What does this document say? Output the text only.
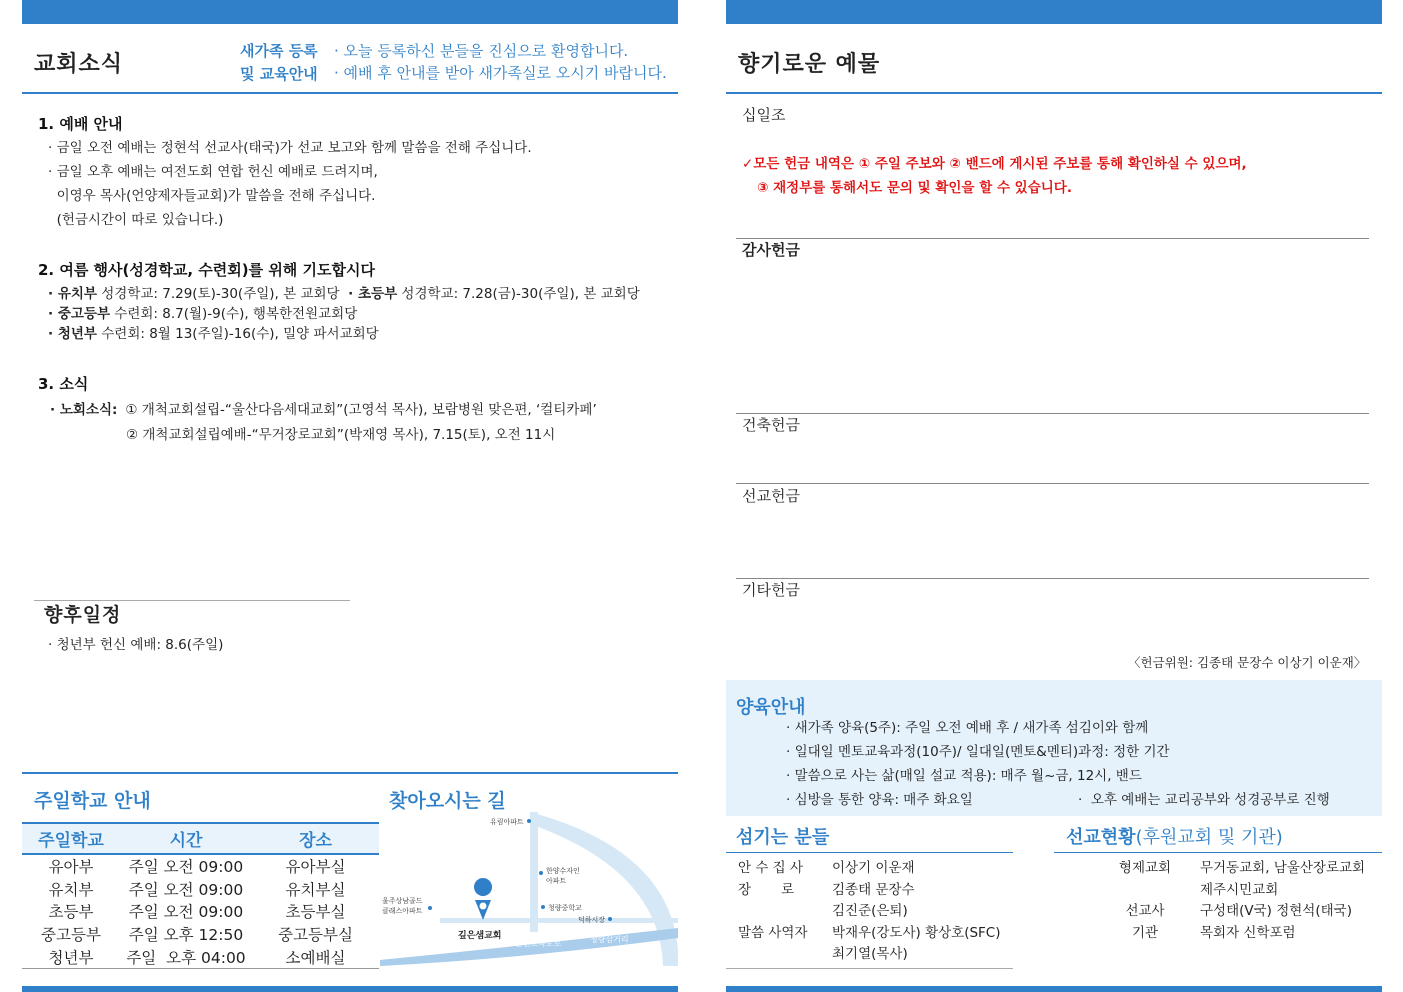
교회소식
새가족 등록
및 교육안내
· 오늘 등록하신 분들을 진심으로 환영합니다.
· 예배 후 안내를 받아 새가족실로 오시기 바랍니다.
1. 예배 안내
· 금일 오전 예배는 정현석 선교사(태국)가 선교 보고와 함께 말씀을 전해 주십니다.
· 금일 오후 예배는 여전도회 연합 헌신 예배로 드려지며,
이영우 목사(언양제자들교회)가 말씀을 전해 주십니다.
(헌금시간이 따로 있습니다.)
2. 여름 행사(성경학교, 수련회)를 위해 기도합시다
· 유치부 성경학교: 7.29(토)-30(주일), 본 교회당  · 초등부 성경학교: 7.28(금)-30(주일), 본 교회당
· 중고등부 수련회: 8.7(월)-9(수), 행복한전원교회당
· 청년부 수련회: 8월 13(주일)-16(수), 밀양 파서교회당
3. 소식
· 노회소식: ① 개척교회설립-“울산다음세대교회”(고영석 목사), 보람병원 맞은편, ‘컬티카페’
② 개척교회설립예배-“무거장로교회”(박재영 목사), 7.15(토), 오전 11시
향후일정
· 청년부 헌신 예배: 8.6(주일)
주일학교 안내
주일학교	시간	장소
유아부	주일 오전 09:00	유아부실
유치부	주일 오전 09:00	유치부실
초등부	주일 오전 09:00	초등부실
중고등부	주일 오후 12:50	중고등부실
청년부	주일  오후 04:00	소예배실
찾아오시는 길
유림아파트
한양수자인
아파트
울주상남골드
클래스아파트	청량중학교
덕하시장
깊은샘교회
울산고속도로	청량삼거리
향기로운 예물
십일조
✓모든 헌금 내역은 ① 주일 주보와 ② 밴드에 게시된 주보를 통해 확인하실 수 있으며,
③ 재정부를 통해서도 문의 및 확인을 할 수 있습니다.
감사헌금
건축헌금
선교헌금
기타헌금
〈헌금위원: 김종태 문장수 이상기 이운재〉
양육안내
· 새가족 양육(5주): 주일 오전 예배 후 / 새가족 섬김이와 함께
· 일대일 멘토교육과정(10주)/ 일대일(멘토&멘티)과정: 정한 기간
· 말씀으로 사는 삶(매일 설교 적용): 매주 월~금, 12시, 밴드
· 심방을 통한 양육: 매주 화요일	·  오후 예배는 교리공부와 성경공부로 진행
섬기는 분들
안 수 집 사 이상기 이운재
장       로	김종태 문장수
김진준(은퇴)
말씀 사역자 박재우(강도사) 황상호(SFC)
최기열(목사)
선교현황(후원교회 및 기관)
형제교회 무거동교회, 남울산장로교회
제주시민교회
선교사	구성태(V국) 정현석(태국)
기관	목회자 신학포럼
